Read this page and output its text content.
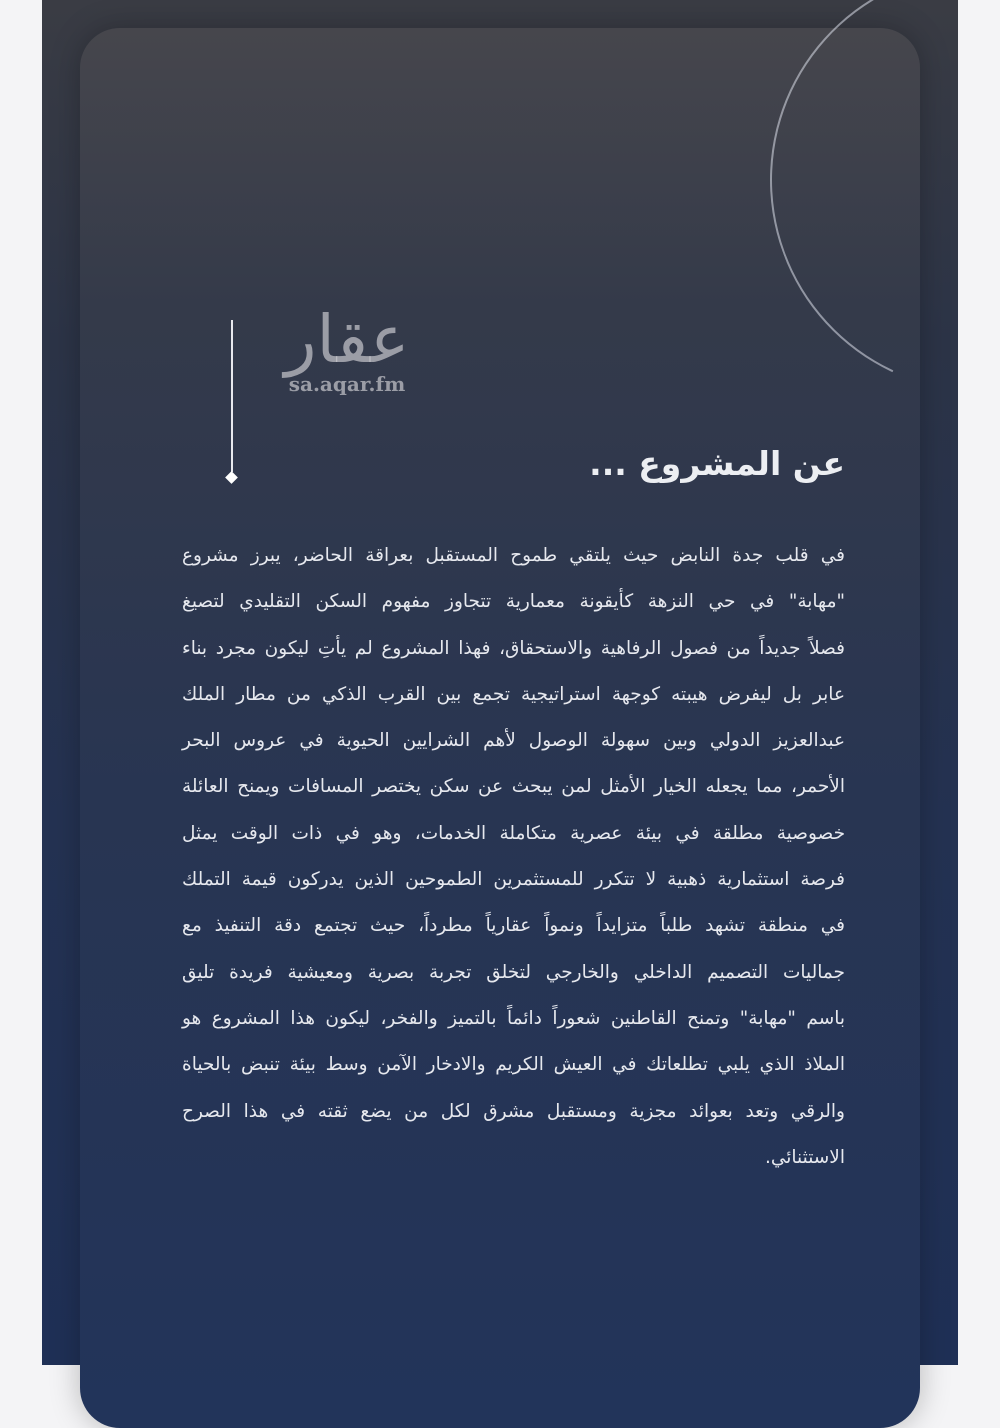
عقار
sa.aqar.fm
عن المشروع ...
في قلب جدة النابض حيث يلتقي طموح المستقبل بعراقة الحاضر، يبرز مشروع
"مهابة" في حي النزهة كأيقونة معمارية تتجاوز مفهوم السكن التقليدي لتصيغ
فصلاً جديداً من فصول الرفاهية والاستحقاق، فهذا المشروع لم يأتِ ليكون مجرد بناء
عابر بل ليفرض هيبته كوجهة استراتيجية تجمع بين القرب الذكي من مطار الملك
عبدالعزيز الدولي وبين سهولة الوصول لأهم الشرايين الحيوية في عروس البحر
الأحمر، مما يجعله الخيار الأمثل لمن يبحث عن سكن يختصر المسافات ويمنح العائلة
خصوصية مطلقة في بيئة عصرية متكاملة الخدمات، وهو في ذات الوقت يمثل
فرصة استثمارية ذهبية لا تتكرر للمستثمرين الطموحين الذين يدركون قيمة التملك
في منطقة تشهد طلباً متزايداً ونمواً عقارياً مطرداً، حيث تجتمع دقة التنفيذ مع
جماليات التصميم الداخلي والخارجي لتخلق تجربة بصرية ومعيشية فريدة تليق
باسم "مهابة" وتمنح القاطنين شعوراً دائماً بالتميز والفخر، ليكون هذا المشروع هو
الملاذ الذي يلبي تطلعاتك في العيش الكريم والادخار الآمن وسط بيئة تنبض بالحياة
والرقي وتعد بعوائد مجزية ومستقبل مشرق لكل من يضع ثقته في هذا الصرح
الاستثنائي.
